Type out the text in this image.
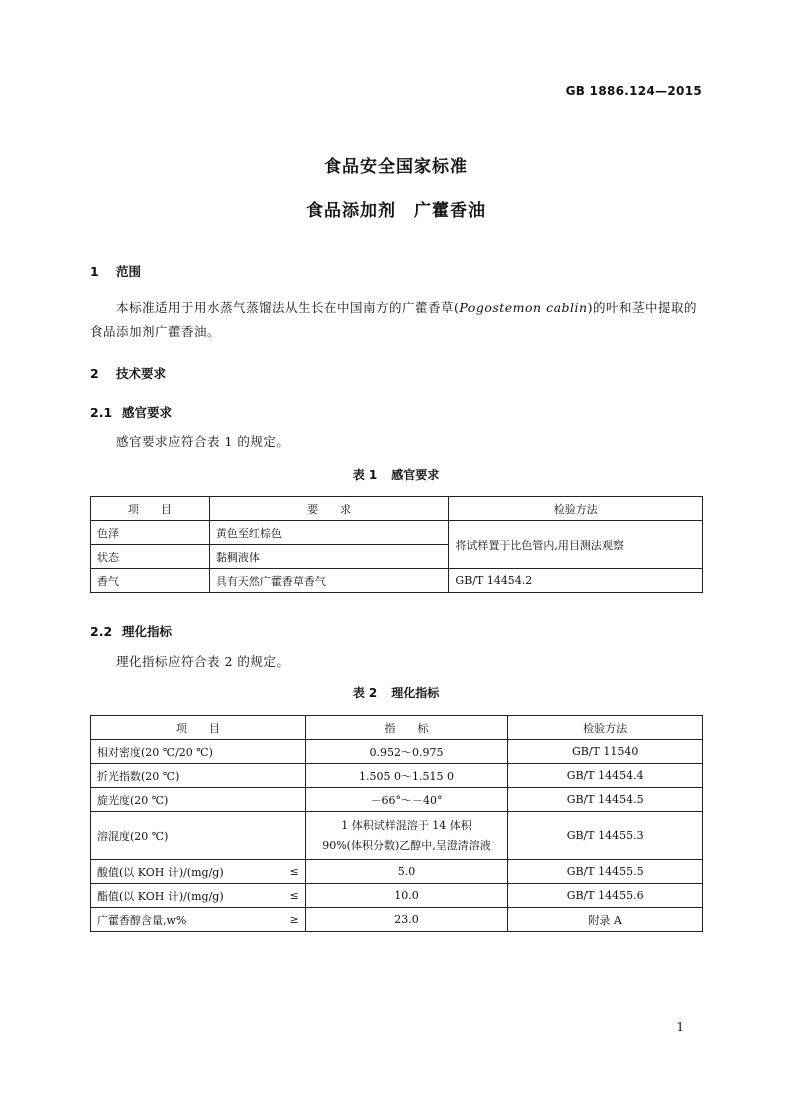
GB 1886.124—2015
食品安全国家标准
食品添加剂　广藿香油
1 范围
本标准适用于用水蒸气蒸馏法从生长在中国南方的广藿香草(Pogostemon cablin)的叶和茎中提取的食品添加剂广藿香油。
2 技术要求
2.1 感官要求
感官要求应符合表 1 的规定。
表 1 感官要求
项　　目	要　　求	检验方法
色泽	黄色至红棕色	将试样置于比色管内,用目测法观察
状态	黏稠液体	
香气	具有天然广藿香草香气	GB/T 14454.2
2.2 理化指标
理化指标应符合表 2 的规定。
表 2 理化指标
项　　目	指　　标	检验方法
相对密度(20 ℃/20 ℃)	0.952～0.975	GB/T 11540
折光指数(20 ℃)	1.505 0～1.515 0	GB/T 14454.4
旋光度(20 ℃)	－66°～－40°	GB/T 14454.5
溶混度(20 ℃)	1 体积试样混溶于 14 体积
90%(体积分数)乙醇中,呈澄清溶液	GB/T 14455.3

酸值(以 KOH 计)/(mg/g) ≤	5.0	GB/T 14455.5

酯值(以 KOH 计)/(mg/g) ≤	10.0	GB/T 14455.6

广藿香醇含量,w% ≥	23.0	附录 A
1
